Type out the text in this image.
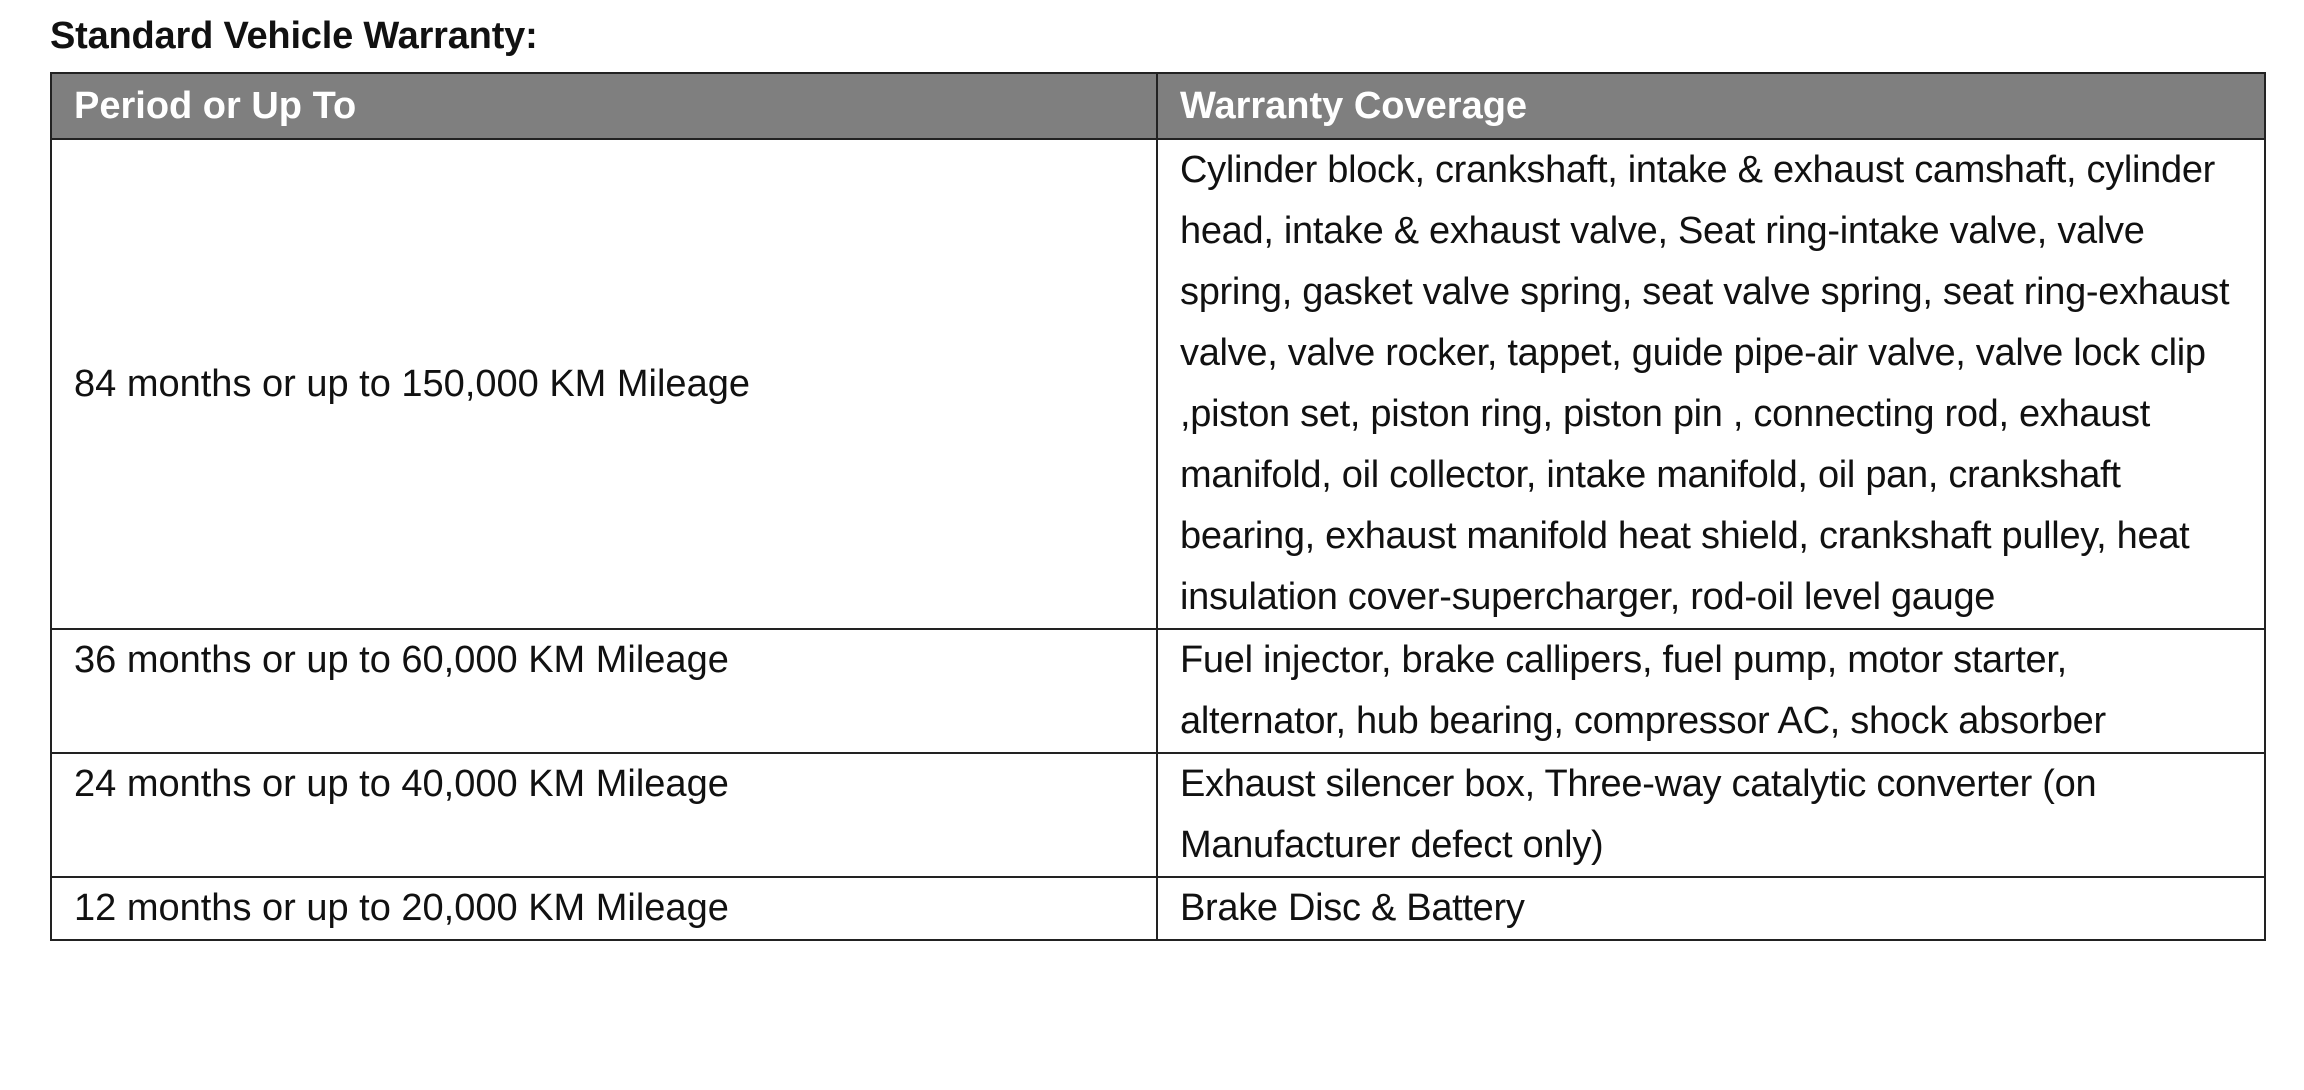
Standard Vehicle Warranty:
Period or Up To	Warranty Coverage
84 months or up to 150,000 KM Mileage	Cylinder block, crankshaft, intake & exhaust camshaft, cylinder head, intake & exhaust valve, Seat ring-intake valve, valve spring, gasket valve spring, seat valve spring, seat ring-exhaust valve, valve rocker, tappet, guide pipe-air valve, valve lock clip ,piston set, piston ring, piston pin , connecting rod, exhaust manifold, oil collector, intake manifold, oil pan, crankshaft bearing, exhaust manifold heat shield, crankshaft pulley, heat insulation cover-supercharger, rod-oil level gauge
36 months or up to 60,000 KM Mileage	Fuel injector, brake callipers, fuel pump, motor starter, alternator, hub bearing, compressor AC, shock absorber
24 months or up to 40,000 KM Mileage	Exhaust silencer box, Three-way catalytic converter (on Manufacturer defect only)
12 months or up to 20,000 KM Mileage	Brake Disc & Battery
